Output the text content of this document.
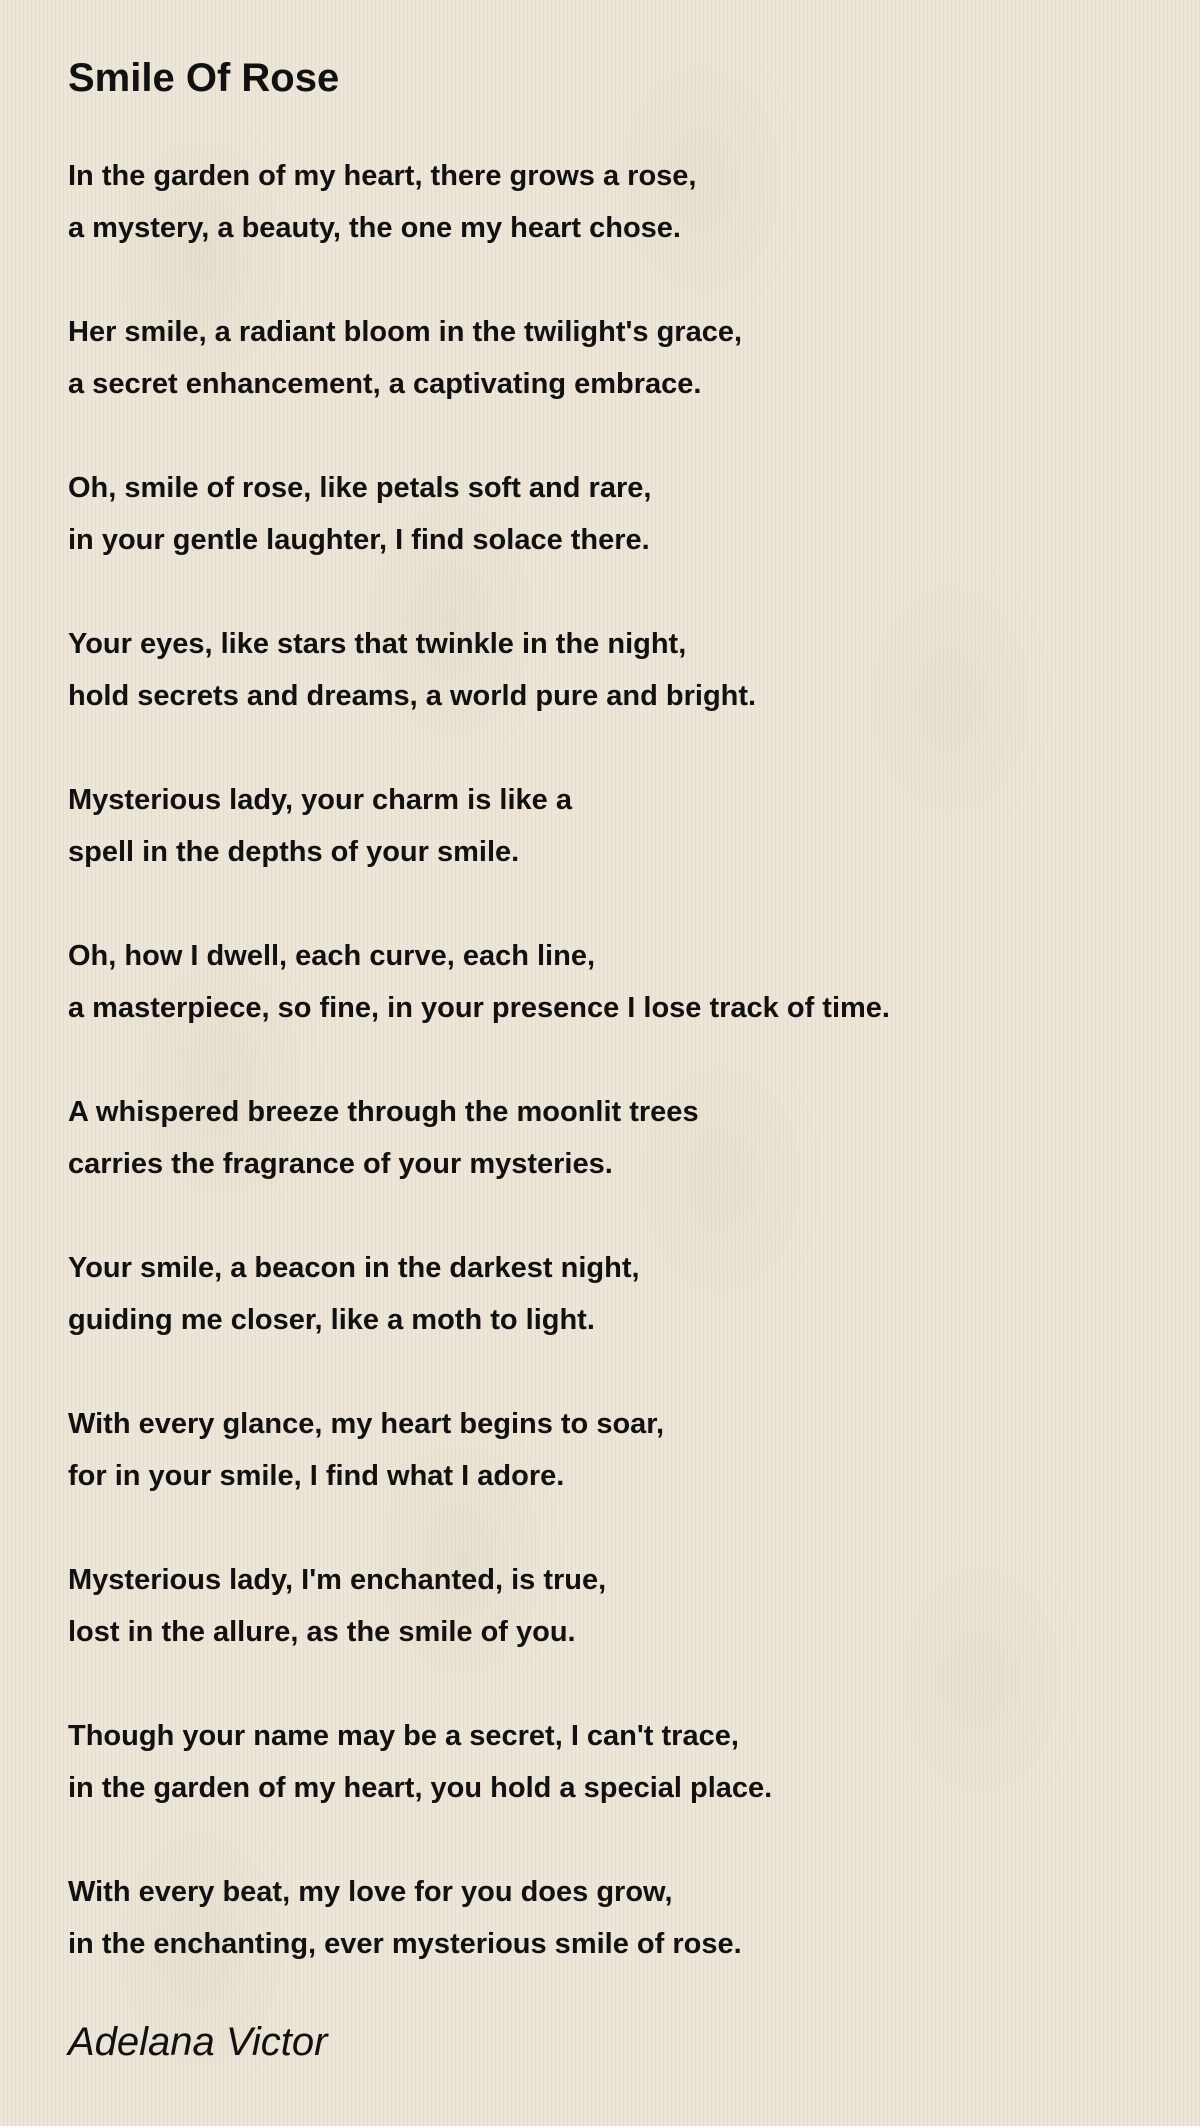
Smile Of Rose
In the garden of my heart, there grows a rose,
a mystery, a beauty, the one my heart chose.
Her smile, a radiant bloom in the twilight's grace,
a secret enhancement, a captivating embrace.
Oh, smile of rose, like petals soft and rare,
in your gentle laughter, I find solace there.
Your eyes, like stars that twinkle in the night,
hold secrets and dreams, a world pure and bright.
Mysterious lady, your charm is like a
spell in the depths of your smile.
Oh, how I dwell, each curve, each line,
a masterpiece, so fine, in your presence I lose track of time.
A whispered breeze through the moonlit trees
carries the fragrance of your mysteries.
Your smile, a beacon in the darkest night,
guiding me closer, like a moth to light.
With every glance, my heart begins to soar,
for in your smile, I find what I adore.
Mysterious lady, I'm enchanted, is true,
lost in the allure, as the smile of you.
Though your name may be a secret, I can't trace,
in the garden of my heart, you hold a special place.
With every beat, my love for you does grow,
in the enchanting, ever mysterious smile of rose.
Adelana Victor
